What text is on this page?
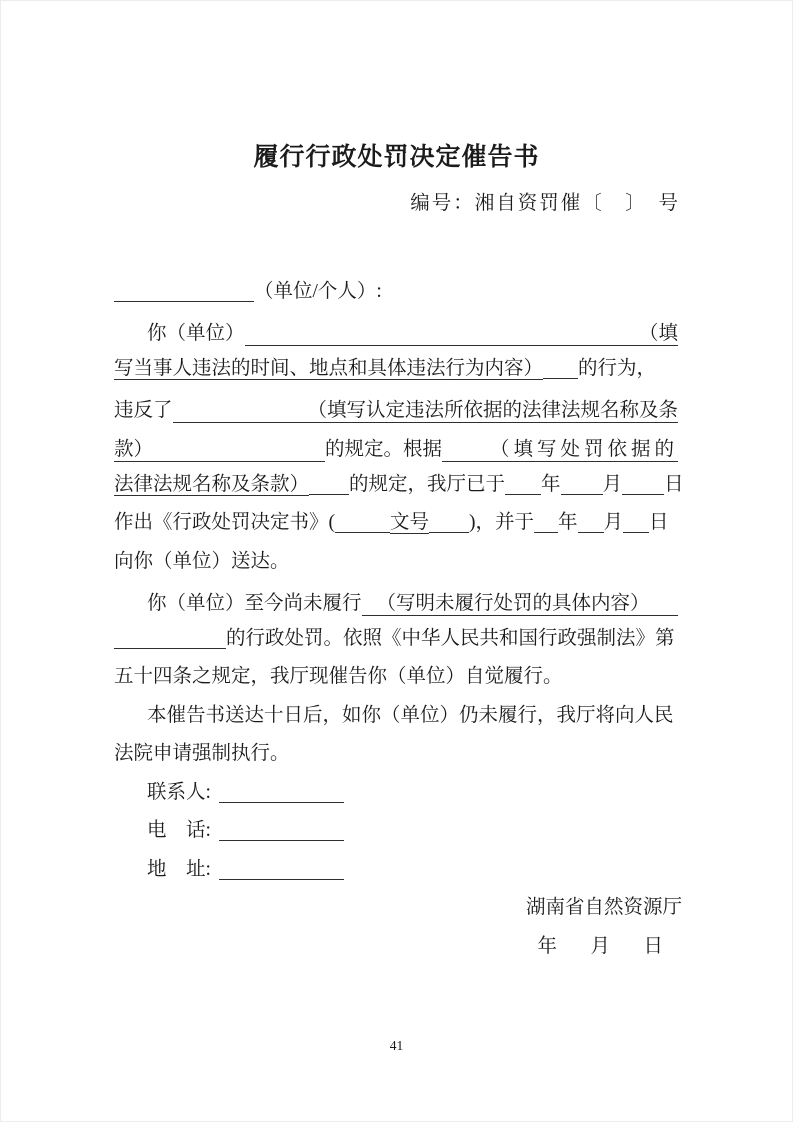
履行行政处罚决定催告书
编号：湘自资罚催〔　〕　号
（单位/个人）:
你（单位）	（填
写当事人违法的时间、地点和具体违法行为内容） 的行为，
违反了
	（填写认定违法所依据的法律法规名称及条
款）
	的规定。根据
（填写处罚依据的
法律法规名称及条款） 的规定，我厅已于 年 月 日
作出《行政处罚决定书》(	文号 )，并于 年 月 日
向你（单位）送达。
你（单位）至今尚未履行
（写明未履行处罚的具体内容）

的行政处罚。依照《中华人民共和国行政强制法》第
五十四条之规定，我厅现催告你（单位）自觉履行。
本催告书送达十日后，如你（单位）仍未履行，我厅将向人民
法院申请强制执行。
联系人:
电　话:
地　址:
湖南省自然资源厅
年　月　日
41
